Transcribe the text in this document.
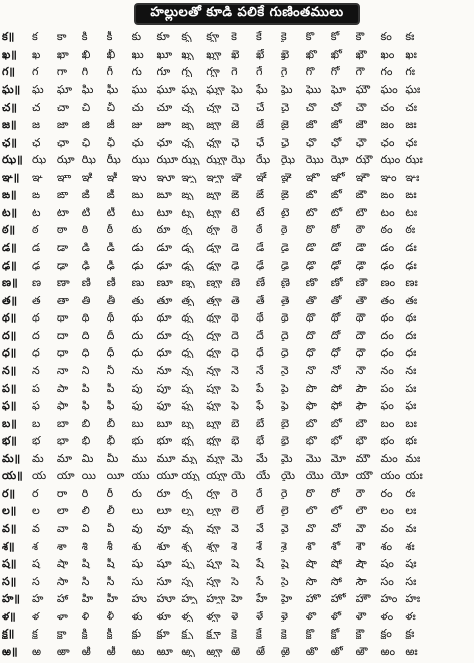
హల్లులతో కూడి పలికే గుణింతములు
క॥	క	కా	కి	కీ	కు	కూ	కృ	కౄ	కె	కే	కై	కొ	కో	కౌ	కం	కః
ఖ॥	ఖ	ఖా	ఖి	ఖీ	ఖు	ఖూ ఖృ	ఖౄ ఖె	ఖే	ఖై	ఖొ	ఖో	ఖౌ	ఖం	ఖః
గ॥	గ	గా	గి	గీ	గు	గూ	గృ	గౄ	గె	గే	గై	గొ	గో	గౌ	గం	గః
ఘ॥	ఘ	ఘా ఘి	ఘీ	ఘు ఘూ ఘృ ఘౄ ఘె	ఘే	ఘై	ఘొ ఘో ఘౌ ఘం ఘః
చ॥	చ	చా	చి	చీ	చు	చూ చృ	చౄ చె	చే	చై	చొ	చో	చౌ	చం చః
జ॥	జ	జా	జి	జీ	జు	జూ జృ	జౄ జె	జే	జై	జొ	జో	జౌ	జం	జః
ఛ॥	ఛ	ఛా	ఛి	ఛీ	ఛు	ఛూ ఛృ	ఛౄ ఛె	ఛే	ఛై	ఛొ	ఛో	ఛౌ	ఛం ఛః
ఝ॥ ఝ ఝా ఝి ఝీ ఝు ఝూ ఝృ ఝౄ ఝె ఝే ఝై ఝొ ఝో ఝౌ ఝం ఝః
ఞ॥	ఞ	ఞా ఞి	ఞీ	ఞు ఞూ ఞృ ఞౄ ఞె	ఞే	ఞై	ఞొ ఞో ఞౌ	ఞం ఞః
ఙ॥	ఙ	ఙా	ఙి	ఙీ	ఙు	ఙూ ఙృ	ఙౄ ఙె	ఙే	ఙై	ఙొ	ఙో	ఙౌ	ఙం	ఙః
ట॥	ట	టా	టి	టీ	టు	టూ టృ	టౄ టె	టే	టై	టొ	టో	టౌ	టం టః
ఠ॥	ఠ	ఠా	ఠి	ఠీ	ఠు	ఠూ	ఠృ	ఠౄ	ఠె	ఠే	ఠై	ఠొ	ఠో	ఠౌ	ఠం	ఠః
డ॥	డ	డా	డి	డీ	డు	డూ డృ	డౄ డె	డే	డై	డొ	డో	డౌ	డం	డః
ఢ॥	ఢ	ఢా	ఢి	ఢీ	ఢు	ఢూ ఢృ	ఢౄ ఢె	ఢే	ఢై	ఢొ	ఢో	ఢౌ	ఢం	ఢః
ణ॥	ణ	ణా	ణి	ణీ	ణు	ణూ ణృ	ణౄ ణె	ణే	ణై	ణొ	ణో	ణౌ	ణం ణః
త॥	త	తా	తి	తీ	తు	తూ తృ	తౄ తె	తే	తై	తొ	తో	తౌ	తం తః
థ॥	థ	థా	థి	థీ	థు	థూ థృ	థౄ థె	థే	థై	థొ	థో	థౌ	థం	థః
ద॥	ద	దా	ది	దీ	దు	దూ దృ	దౄ దె	దే	దై	దొ	దో	దౌ	దం	దః
ధ॥	ధ	ధా	ధి	ధీ	ధు	ధూ ధృ	ధౄ ధె	ధే	ధై	ధొ	ధో	ధౌ	ధం	ధః
న॥	న	నా	ని	నీ	ను	నూ నృ	నౄ నె	నే	నై	నొ	నో	నౌ	నం	నః
ప॥	ప	పా	పి	పీ	పు	పూ పృ	పౄ పె	పే	పై	పొ	పో	పౌ	పం	పః
ఫ॥	ఫ	ఫా	ఫి	ఫీ	ఫు	ఫూ ఫృ	ఫౄ ఫె	ఫే	ఫై	ఫొ	ఫో	ఫౌ	ఫం	ఫః
బ॥	బ	బా	బి	బీ	బు	బూ బృ	బౄ బె	బే	బై	బొ	బో	బౌ	బం	బః
భ॥	భ	భా	భి	భీ	భు	భూ భృ	భౄ భె	భే	భై	భొ	భో	భౌ	భం	భః
మ॥	మ	మా మి	మీ	ము మూ మృ మౄ మె	మే	మై	మొ మో మౌ మం మః
య॥ య యా యి యీ యు యూ యృ యౄ యె యే యై యొ యో యౌ యం యః
ర॥	ర	రా	రి	రీ	రు	రూ	రృ	రౄ	రె	రే	రై	రొ	రో	రౌ	రం	రః
ల॥	ల	లా	లి	లీ	లు	లూ లృ	లౄ లె	లే	లై	లొ	లో	లౌ	లం	లః
వ॥	వ	వా	వి	వీ	వు	వూ వృ	వౄ వె	వే	వై	వొ	వో	వౌ	వం	వః
శ॥	శ	శా	శి	శీ	శు	శూ	శృ	శౄ	శె	శే	శై	శొ	శో	శౌ	శం	శః
ష॥	ష	షా	షి	షీ	షు	షూ షృ	షౄ షె	షే	షై	షొ	షో	షౌ	షం	షః
స॥	స	సా	సి	సీ	సు	సూ సృ	సౄ సె	సే	సై	సొ	సో	సౌ	సం	సః
హ॥	హ	హా	హి	హీ	హు హూ హృ హౄ హె	హే	హై	హొ హో హౌ హం హః
ళ॥	ళ	ళా	ళి	ళీ	ళు	ళూ ళృ	ళౄ ళె	ళే	ళై	ళొ	ళో	ళౌ	ళం	ళః
క్ష॥	క్ష	క్షా	క్షి	క్షీ	క్షు	క్షూ	క్షృ	క్షౄ క్షె	క్షే	క్షై	క్షొ	క్షో	క్షౌ	క్షం	క్షః
ఱ॥	ఱ	ఱా	ఱి	ఱీ	ఱు	ఱూ ఱృ	ఱౄ ఱె	ఱే	ఱై	ఱొ	ఱో	ఱౌ	ఱం ఱః
